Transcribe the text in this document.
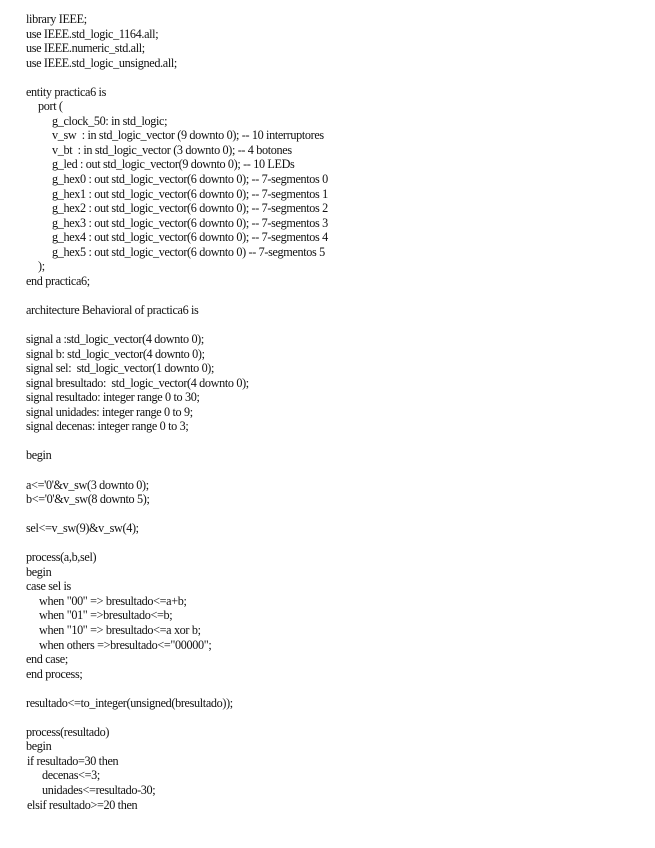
library IEEE;
use IEEE.std_logic_1164.all;
use IEEE.numeric_std.all;
use IEEE.std_logic_unsigned.all;
entity practica6 is
port (
g_clock_50: in std_logic;
v_sw  : in std_logic_vector (9 downto 0); -- 10 interruptores
v_bt  : in std_logic_vector (3 downto 0); -- 4 botones
g_led : out std_logic_vector(9 downto 0); -- 10 LEDs
g_hex0 : out std_logic_vector(6 downto 0); -- 7-segmentos 0
g_hex1 : out std_logic_vector(6 downto 0); -- 7-segmentos 1
g_hex2 : out std_logic_vector(6 downto 0); -- 7-segmentos 2
g_hex3 : out std_logic_vector(6 downto 0); -- 7-segmentos 3
g_hex4 : out std_logic_vector(6 downto 0); -- 7-segmentos 4
g_hex5 : out std_logic_vector(6 downto 0) -- 7-segmentos 5
);
end practica6;
architecture Behavioral of practica6 is
signal a :std_logic_vector(4 downto 0);
signal b: std_logic_vector(4 downto 0);
signal sel:  std_logic_vector(1 downto 0);
signal bresultado:  std_logic_vector(4 downto 0);
signal resultado: integer range 0 to 30;
signal unidades: integer range 0 to 9;
signal decenas: integer range 0 to 3;
begin
a<='0'&v_sw(3 downto 0);
b<='0'&v_sw(8 downto 5);
sel<=v_sw(9)&v_sw(4);
process(a,b,sel)
begin
case sel is
when "00" => bresultado<=a+b;
when "01" =>bresultado<=b;
when "10" => bresultado<=a xor b;
when others =>bresultado<="00000";
end case;
end process;
resultado<=to_integer(unsigned(bresultado));
process(resultado)
begin
if resultado=30 then
decenas<=3;
unidades<=resultado-30;
elsif resultado>=20 then
